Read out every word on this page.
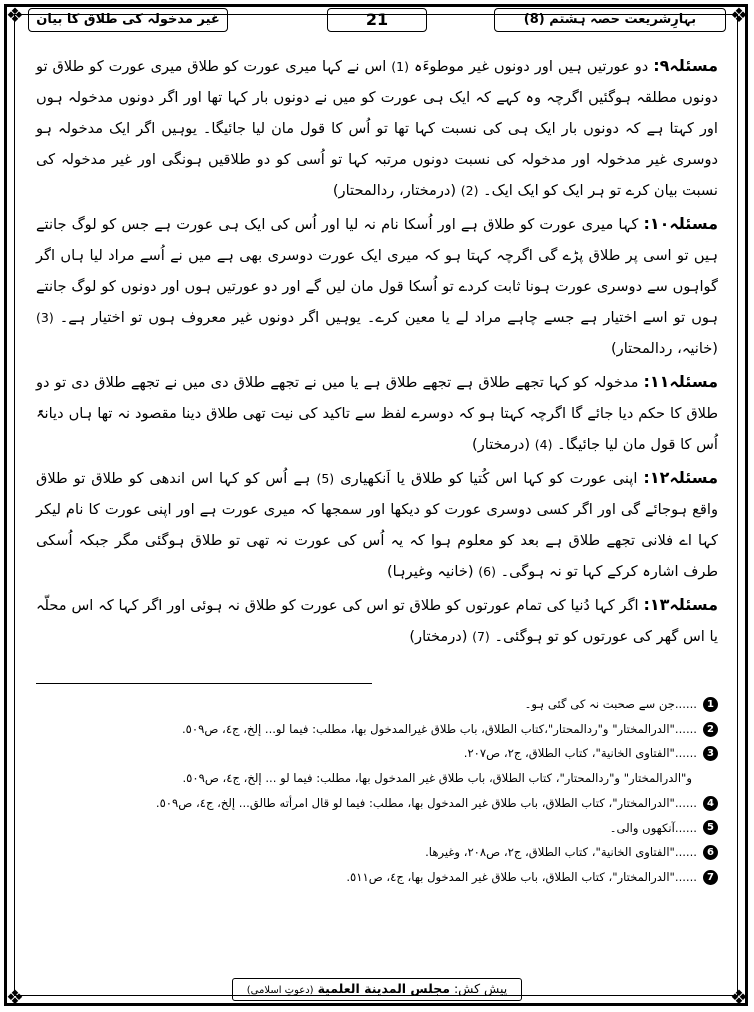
❖	❖
❖	❖
بہارِشریعت حصہ ہشتم (8)
21
غیر مدخولہ کی طلاق کا بیان

مسئلہ۹: دو عورتیں ہیں اور دونوں غیر موطوءَہ (1) اس نے کہا میری عورت کو طلاق میری عورت کو طلاق تو دونوں مطلقہ ہوگئیں اگرچہ وہ کہے کہ ایک ہی عورت کو میں نے دونوں بار کہا تھا اور اگر دونوں مدخولہ ہوں اور کہتا ہے کہ دونوں بار ایک ہی کی نسبت کہا تھا تو اُس کا قول مان لیا جائیگا۔ یوہیں اگر ایک مدخولہ ہو دوسری غیر مدخولہ اور مدخولہ کی نسبت دونوں مرتبہ کہا تو اُسی کو دو طلاقیں ہونگی اور غیر مدخولہ کی نسبت بیان کرے تو ہر ایک کو ایک ایک۔ (2) (درمختار، ردالمحتار)

مسئلہ۱۰: کہا میری عورت کو طلاق ہے اور اُسکا نام نہ لیا اور اُس کی ایک ہی عورت ہے جس کو لوگ جانتے ہیں تو اسی پر طلاق پڑے گی اگرچہ کہتا ہو کہ میری ایک عورت دوسری بھی ہے میں نے اُسے مراد لیا ہاں اگر گواہوں سے دوسری عورت ہونا ثابت کردے تو اُسکا قول مان لیں گے اور دو عورتیں ہوں اور دونوں کو لوگ جانتے ہوں تو اسے اختیار ہے جسے چاہے مراد لے یا معین کرے۔ یوہیں اگر دونوں غیر معروف ہوں تو اختیار ہے۔ (3) (خانیہ، ردالمحتار)

مسئلہ۱۱: مدخولہ کو کہا تجھے طلاق ہے تجھے طلاق ہے یا میں نے تجھے طلاق دی میں نے تجھے طلاق دی تو دو طلاق کا حکم دیا جائے گا اگرچہ کہتا ہو کہ دوسرے لفظ سے تاکید کی نیت تھی طلاق دینا مقصود نہ تھا ہاں دیانۃً اُس کا قول مان لیا جائیگا۔ (4) (درمختار)

مسئلہ۱۲: اپنی عورت کو کہا اس کُتیا کو طلاق یا اَنکھیاری (5) ہے اُس کو کہا اس اندھی کو طلاق تو طلاق واقع ہوجائے گی اور اگر کسی دوسری عورت کو دیکھا اور سمجھا کہ میری عورت ہے اور اپنی عورت کا نام لیکر کہا اے فلانی تجھے طلاق ہے بعد کو معلوم ہوا کہ یہ اُس کی عورت نہ تھی تو طلاق ہوگئی مگر جبکہ اُسکی طرف اشارہ کرکے کہا تو نہ ہوگی۔ (6) (خانیہ وغیرہا)

مسئلہ۱۳: اگر کہا دُنیا کی تمام عورتوں کو طلاق تو اس کی عورت کو طلاق نہ ہوئی اور اگر کہا کہ اس محلّہ یا اس گھر کی عورتوں کو تو ہوگئی۔ (7) (درمختار)

1
......جن سے صحبت نہ کی گئی ہو۔
2
......"الدرالمختار" و"ردالمحتار"،كتاب الطلاق، باب طلاق غيرالمدخول بها، مطلب: فيما لو... إلخ، ج٤، ص٥٠٩.
3
......"الفتاوى الخانية"، كتاب الطلاق، ج٢، ص٢٠٧.
و"الدرالمختار" و"ردالمحتار"، كتاب الطلاق، باب طلاق غير المدخول بها، مطلب: فيما لو ... إلخ، ج٤، ص٥٠٩.
4
......"الدرالمختار"، كتاب الطلاق، باب طلاق غير المدخول بها، مطلب: فيما لو قال امرأته طالق... إلخ، ج٤، ص٥٠٩.
5
......آنکھوں والی۔
6
......"الفتاوى الخانية"، كتاب الطلاق، ج٢، ص٢٠٨، وغيرها.
7
......"الدرالمختار"، كتاب الطلاق، باب طلاق غير المدخول بها، ج٤، ص٥١١.
پیش کش: مجلس المدينة العلمية (دعوتِ اسلامی)
